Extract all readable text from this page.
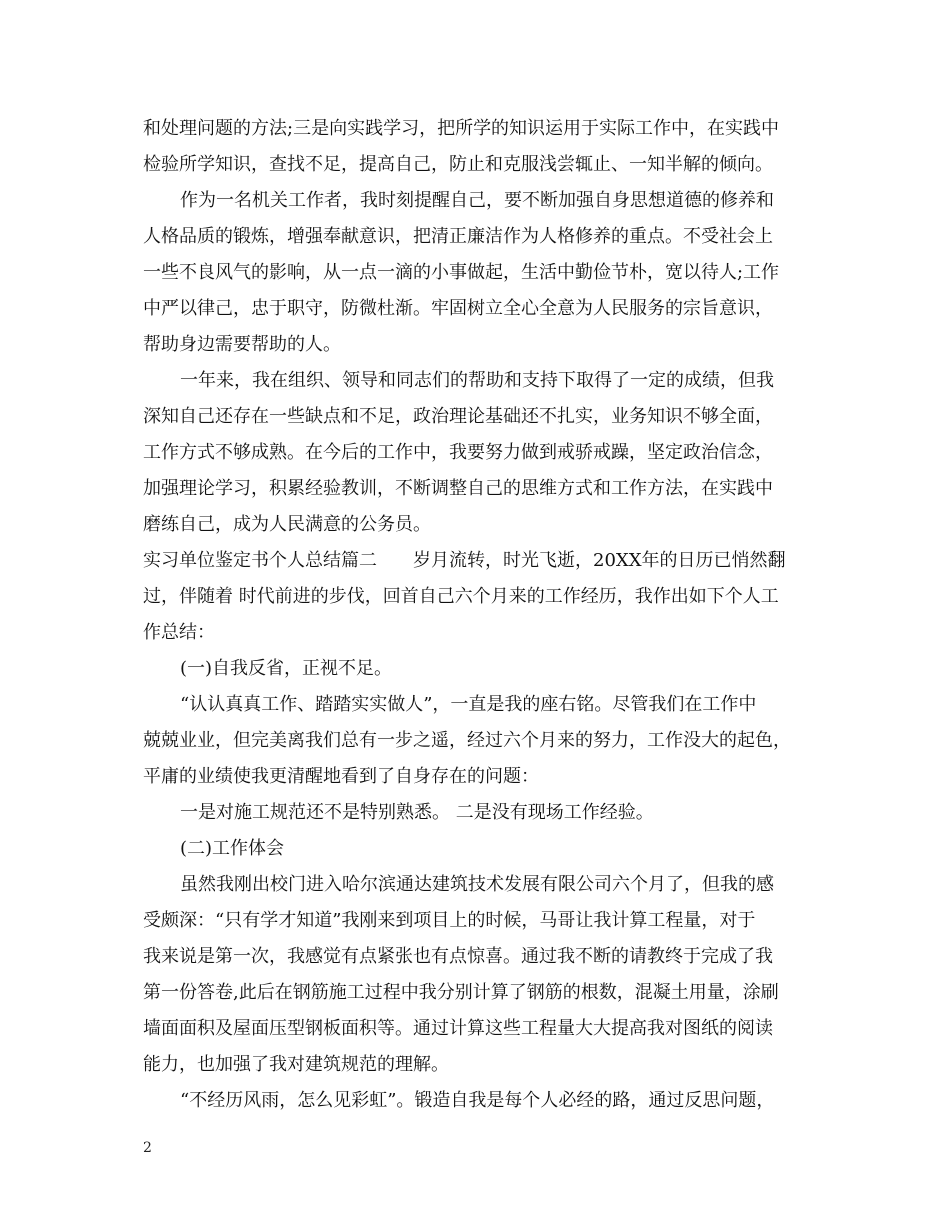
和处理问题的方法;三是向实践学习，把所学的知识运用于实际工作中，在实践中
检验所学知识，查找不足，提高自己，防止和克服浅尝辄止、一知半解的倾向。
作为一名机关工作者，我时刻提醒自己，要不断加强自身思想道德的修养和
人格品质的锻炼，增强奉献意识，把清正廉洁作为人格修养的重点。不受社会上
一些不良风气的影响，从一点一滴的小事做起，生活中勤俭节朴，宽以待人;工作
中严以律己，忠于职守，防微杜渐。牢固树立全心全意为人民服务的宗旨意识，
帮助身边需要帮助的人。
一年来，我在组织、领导和同志们的帮助和支持下取得了一定的成绩，但我
深知自己还存在一些缺点和不足，政治理论基础还不扎实，业务知识不够全面，
工作方式不够成熟。在今后的工作中，我要努力做到戒骄戒躁，坚定政治信念，
加强理论学习，积累经验教训，不断调整自己的思维方式和工作方法，在实践中
磨练自己，成为人民满意的公务员。
实习单位鉴定书个人总结篇二　　岁月流转，时光飞逝，20XX年的日历已悄然翻
过，伴随着 时代前进的步伐，回首自己六个月来的工作经历，我作出如下个人工
作总结：
(一)自我反省，正视不足。
“认认真真工作、踏踏实实做人”，一直是我的座右铭。尽管我们在工作中
兢兢业业，但完美离我们总有一步之遥，经过六个月来的努力，工作没大的起色，
平庸的业绩使我更清醒地看到了自身存在的问题：
一是对施工规范还不是特别熟悉。 二是没有现场工作经验。
(二)工作体会
虽然我刚出校门进入哈尔滨通达建筑技术发展有限公司六个月了，但我的感
受颇深：“只有学才知道”我刚来到项目上的时候，马哥让我计算工程量，对于
我来说是第一次，我感觉有点紧张也有点惊喜。通过我不断的请教终于完成了我
第一份答卷,此后在钢筋施工过程中我分别计算了钢筋的根数，混凝土用量，涂刷
墙面面积及屋面压型钢板面积等。通过计算这些工程量大大提高我对图纸的阅读
能力，也加强了我对建筑规范的理解。
“不经历风雨，怎么见彩虹”。锻造自我是每个人必经的路，通过反思问题，
2
